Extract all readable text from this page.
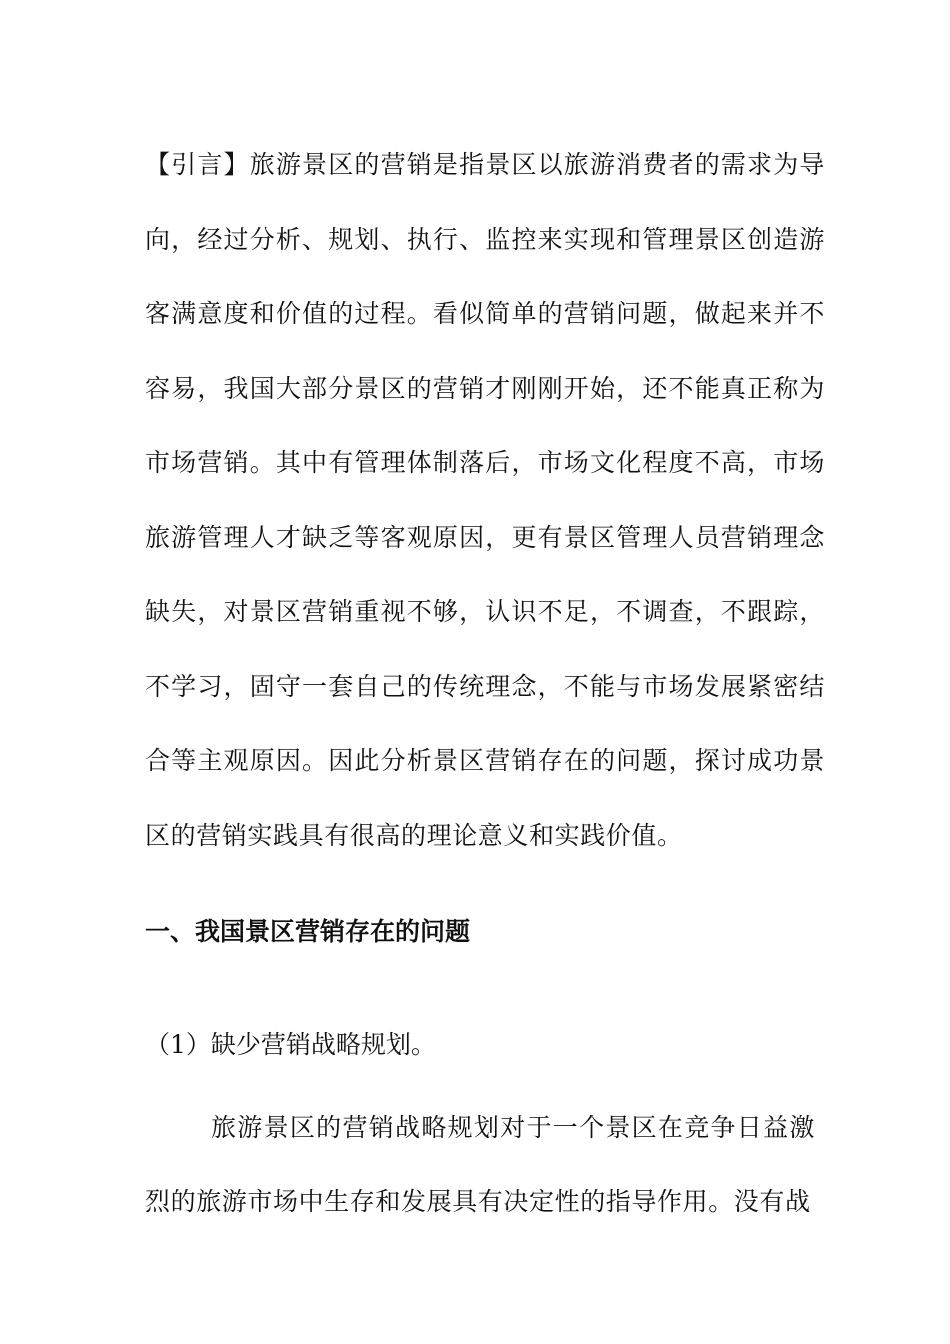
【引言】旅游景区的营销是指景区以旅游消费者的需求为导向，经过分析、规划、执行、监控来实现和管理景区创造游客满意度和价值的过程。看似简单的营销问题，做起来并不容易，我国大部分景区的营销才刚刚开始，还不能真正称为市场营销。其中有管理体制落后，市场文化程度不高，市场旅游管理人才缺乏等客观原因，更有景区管理人员营销理念缺失，对景区营销重视不够，认识不足，不调查，不跟踪，不学习，固守一套自己的传统理念，不能与市场发展紧密结合等主观原因。因此分析景区营销存在的问题，探讨成功景区的营销实践具有很高的理论意义和实践价值。

一、我国景区营销存在的问题

（1）缺少营销战略规划。

旅游景区的营销战略规划对于一个景区在竞争日益激烈的旅游市场中生存和发展具有决定性的指导作用。没有战
